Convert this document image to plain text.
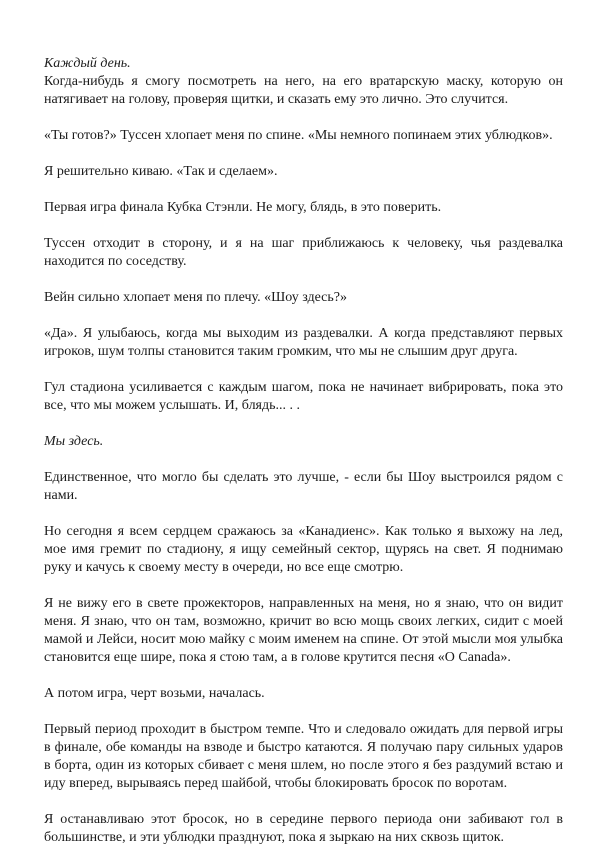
Каждый день.

Когда-нибудь я смогу посмотреть на него, на его вратарскую маску, которую он натягивает на голову, проверяя щитки, и сказать ему это лично. Это случится.

«Ты готов?» Туссен хлопает меня по спине. «Мы немного попинаем этих ублюдков».

Я решительно киваю. «Так и сделаем».

Первая игра финала Кубка Стэнли. Не могу, блядь, в это поверить.

Туссен отходит в сторону, и я на шаг приближаюсь к человеку, чья раздевалка находится по соседству.

Вейн сильно хлопает меня по плечу. «Шоу здесь?»

«Да». Я улыбаюсь, когда мы выходим из раздевалки. А когда представляют первых игроков, шум толпы становится таким громким, что мы не слышим друг друга.

Гул стадиона усиливается с каждым шагом, пока не начинает вибрировать, пока это все, что мы можем услышать. И, блядь... . .

Мы здесь.

Единственное, что могло бы сделать это лучше, - если бы Шоу выстроился рядом с нами.

Но сегодня я всем сердцем сражаюсь за «Канадиенс». Как только я выхожу на лед, мое имя гремит по стадиону, я ищу семейный сектор, щурясь на свет. Я поднимаю руку и качусь к своему месту в очереди, но все еще смотрю.

Я не вижу его в свете прожекторов, направленных на меня, но я знаю, что он видит меня. Я знаю, что он там, возможно, кричит во всю мощь своих легких, сидит с моей мамой и Лейси, носит мою майку с моим именем на спине. От этой мысли моя улыбка становится еще шире, пока я стою там, а в голове крутится песня «O Canada».

А потом игра, черт возьми, началась.

Первый период проходит в быстром темпе. Что и следовало ожидать для первой игры в финале, обе команды на взводе и быстро катаются. Я получаю пару сильных ударов в борта, один из которых сбивает с меня шлем, но после этого я без раздумий встаю и иду вперед, вырываясь перед шайбой, чтобы блокировать бросок по воротам.

Я останавливаю этот бросок, но в середине первого периода они забивают гол в большинстве, и эти ублюдки празднуют, пока я зыркаю на них сквозь щиток.
